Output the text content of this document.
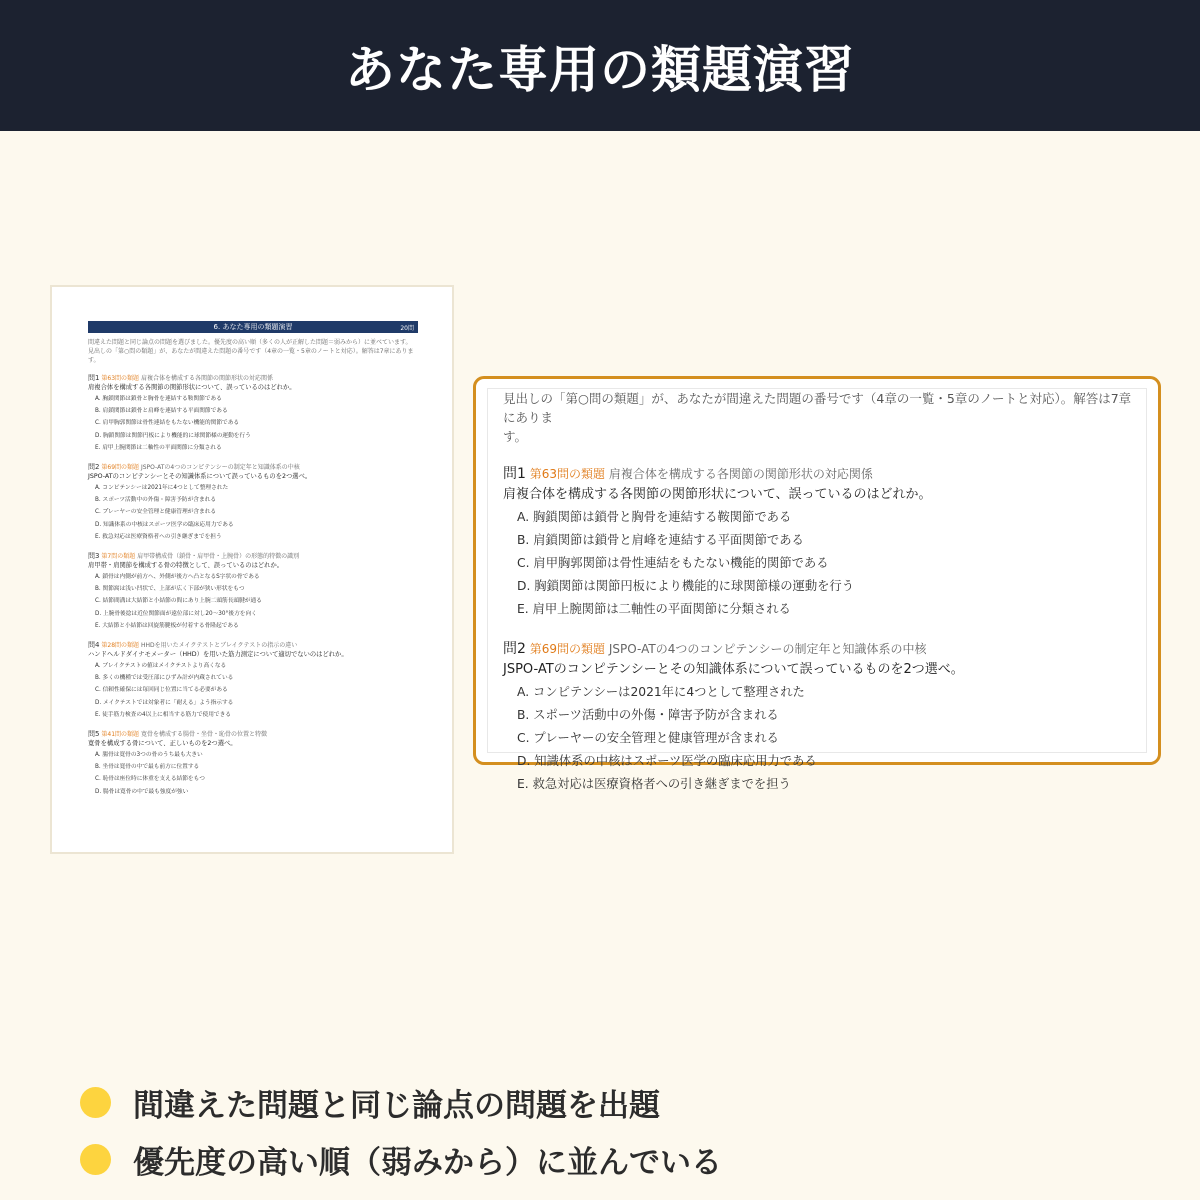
あなた専用の類題演習
6. あなた専用の類題演習	20問
間違えた問題と同じ論点の問題を選びました。優先度の高い順（多くの人が正解した問題＝弱みから）に並べています。
見出しの「第○問の類題」が、あなたが間違えた問題の番号です（4章の一覧・5章のノートと対応）。解答は7章にあります。
問1 第63問の類題 肩複合体を構成する各関節の関節形状の対応関係
肩複合体を構成する各関節の関節形状について、誤っているのはどれか。
A. 胸鎖関節は鎖骨と胸骨を連結する鞍関節である
B. 肩鎖関節は鎖骨と肩峰を連結する平面関節である
C. 肩甲胸郭関節は骨性連結をもたない機能的関節である
D. 胸鎖関節は関節円板により機能的に球関節様の運動を行う
E. 肩甲上腕関節は二軸性の平面関節に分類される
問2 第69問の類題 JSPO-ATの4つのコンピテンシーの制定年と知識体系の中核
JSPO-ATのコンピテンシーとその知識体系について誤っているものを2つ選べ。
A. コンピテンシーは2021年に4つとして整理された
B. スポーツ活動中の外傷・障害予防が含まれる
C. プレーヤーの安全管理と健康管理が含まれる
D. 知識体系の中核はスポーツ医学の臨床応用力である
E. 救急対応は医療資格者への引き継ぎまでを担う
問3 第7問の類題 肩甲帯構成骨（鎖骨・肩甲骨・上腕骨）の形態的特徴の識別
肩甲帯・肩関節を構成する骨の特徴として、誤っているのはどれか。
A. 鎖骨は内側が前方へ、外側が後方へ凸となるS字状の骨である
B. 関節窩は浅い凹状で、上部が広く下部が狭い形状をもつ
C. 結節間溝は大結節と小結節の間にあり上腕二頭筋長頭腱が通る
D. 上腕骨後捻は近位関節面が遠位部に対し20〜30°後方を向く
E. 大結節と小結節は回旋筋腱板が付着する骨隆起である
問4 第28問の類題 HHDを用いたメイクテストとブレイクテストの指示の違い
ハンドヘルドダイナモメーター（HHD）を用いた筋力測定について適切でないのはどれか。
A. ブレイクテストの値はメイクテストより高くなる
B. 多くの機種では受圧部にひずみ計が内蔵されている
C. 信頼性確保には毎回同じ位置に当てる必要がある
D. メイクテストでは対象者に「耐える」よう指示する
E. 徒手筋力検査の4以上に相当する筋力で使用できる
問5 第41問の類題 寛骨を構成する腸骨・坐骨・恥骨の位置と特徴
寛骨を構成する骨について、正しいものを2つ選べ。
A. 腸骨は寛骨の3つの骨のうち最も大きい
B. 坐骨は寛骨の中で最も前方に位置する
C. 恥骨は座位時に体重を支える結節をもつ
D. 腸骨は寛骨の中で最も強度が強い
見出しの「第○問の類題」が、あなたが間違えた問題の番号です（4章の一覧・5章のノートと対応）。解答は7章にありま
す。
問1 第63問の類題 肩複合体を構成する各関節の関節形状の対応関係
肩複合体を構成する各関節の関節形状について、誤っているのはどれか。
A. 胸鎖関節は鎖骨と胸骨を連結する鞍関節である
B. 肩鎖関節は鎖骨と肩峰を連結する平面関節である
C. 肩甲胸郭関節は骨性連結をもたない機能的関節である
D. 胸鎖関節は関節円板により機能的に球関節様の運動を行う
E. 肩甲上腕関節は二軸性の平面関節に分類される
問2 第69問の類題 JSPO-ATの4つのコンピテンシーの制定年と知識体系の中核
JSPO-ATのコンピテンシーとその知識体系について誤っているものを2つ選べ。
A. コンピテンシーは2021年に4つとして整理された
B. スポーツ活動中の外傷・障害予防が含まれる
C. プレーヤーの安全管理と健康管理が含まれる
D. 知識体系の中核はスポーツ医学の臨床応用力である
E. 救急対応は医療資格者への引き継ぎまでを担う
間違えた問題と同じ論点の問題を出題
優先度の高い順（弱みから）に並んでいる
